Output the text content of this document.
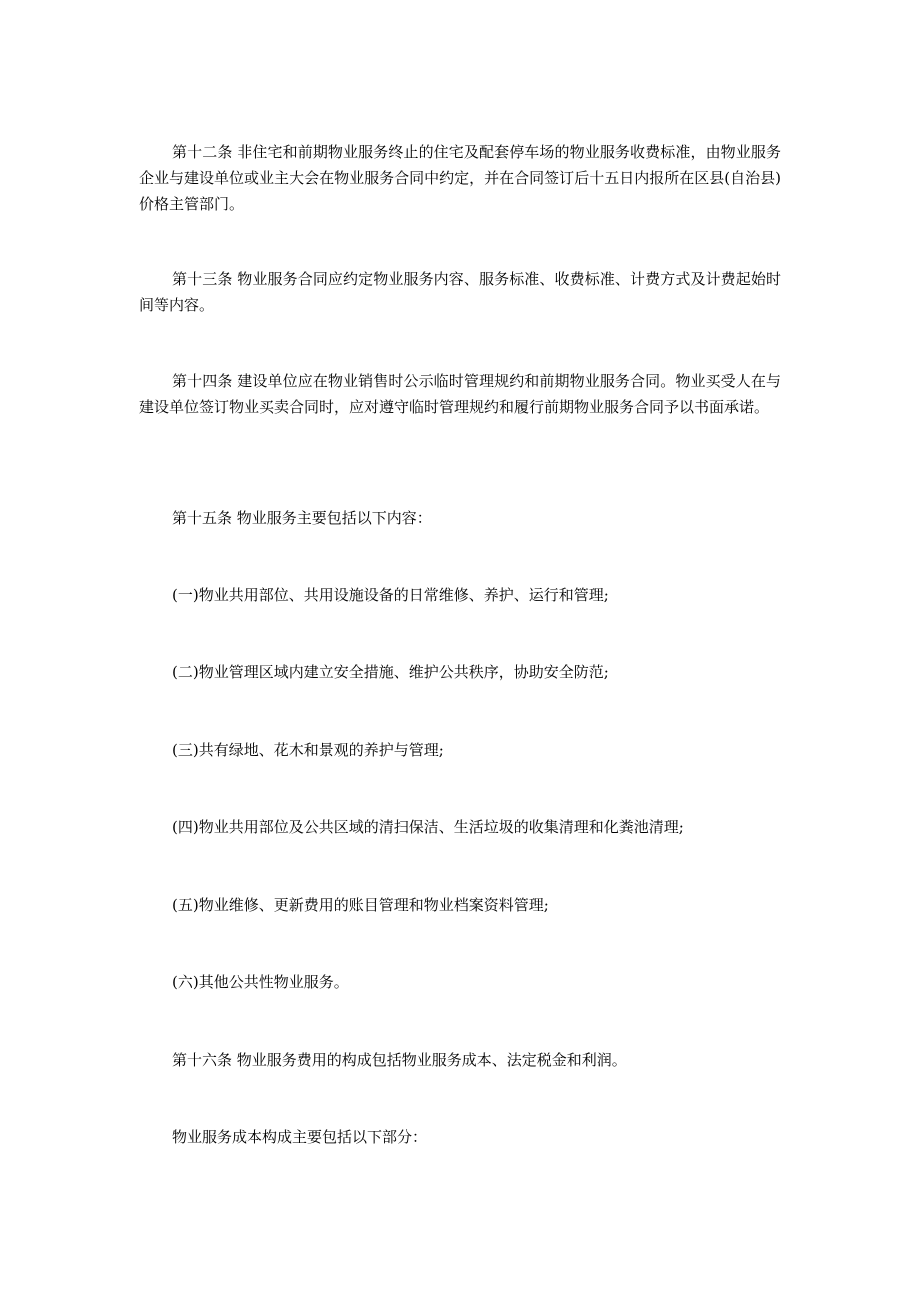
第十二条 非住宅和前期物业服务终止的住宅及配套停车场的物业服务收费标准，由物业服务企业与建设单位或业主大会在物业服务合同中约定，并在合同签订后十五日内报所在区县(自治县)价格主管部门。

第十三条 物业服务合同应约定物业服务内容、服务标准、收费标准、计费方式及计费起始时间等内容。

第十四条 建设单位应在物业销售时公示临时管理规约和前期物业服务合同。物业买受人在与建设单位签订物业买卖合同时，应对遵守临时管理规约和履行前期物业服务合同予以书面承诺。

第十五条 物业服务主要包括以下内容：

(一)物业共用部位、共用设施设备的日常维修、养护、运行和管理;

(二)物业管理区域内建立安全措施、维护公共秩序，协助安全防范;

(三)共有绿地、花木和景观的养护与管理;

(四)物业共用部位及公共区域的清扫保洁、生活垃圾的收集清理和化粪池清理;

(五)物业维修、更新费用的账目管理和物业档案资料管理;

(六)其他公共性物业服务。

第十六条 物业服务费用的构成包括物业服务成本、法定税金和利润。

物业服务成本构成主要包括以下部分：
